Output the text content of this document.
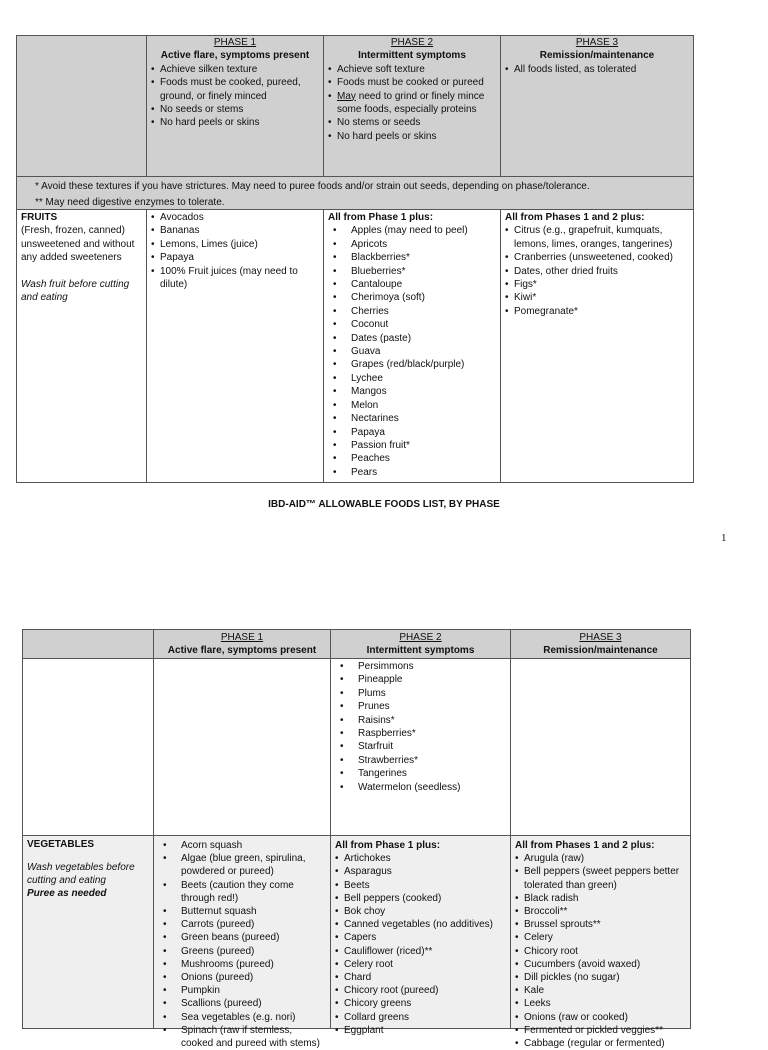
PHASE 1
Active flare, symptoms present
• Achieve silken texture
• Foods must be cooked, pureed, ground, or finely minced
• No seeds or stems
• No hard peels or skins
PHASE 2
Intermittent symptoms
• Achieve soft texture
• Foods must be cooked or pureed
• May need to grind or finely mince some foods, especially proteins
• No stems or seeds
• No hard peels or skins
PHASE 3
Remission/maintenance
• All foods listed, as tolerated
* Avoid these textures if you have strictures. May need to puree foods and/or strain out seeds, depending on phase/tolerance.
** May need digestive enzymes to tolerate.
FRUITS
(Fresh, frozen, canned) unsweetened and without any added sweeteners
Wash fruit before cutting and eating
• Avocados
• Bananas
• Lemons, Limes (juice)
• Papaya
• 100% Fruit juices (may need to dilute)
All from Phase 1 plus:
• Apples (may need to peel)
• Apricots
• Blackberries*
• Blueberries*
• Cantaloupe
• Cherimoya (soft)
• Cherries
• Coconut
• Dates (paste)
• Guava
• Grapes (red/black/purple)
• Lychee
• Mangos
• Melon
• Nectarines
• Papaya
• Passion fruit*
• Peaches
• Pears
All from Phases 1 and 2 plus:
• Citrus (e.g., grapefruit, kumquats, lemons, limes, oranges, tangerines)
• Cranberries (unsweetened, cooked)
• Dates, other dried fruits
• Figs*
• Kiwi*
• Pomegranate*
IBD-AID™ ALLOWABLE FOODS LIST, BY PHASE
1
PHASE 1
Active flare, symptoms present
PHASE 2
Intermittent symptoms
PHASE 3
Remission/maintenance
• Persimmons
• Pineapple
• Plums
• Prunes
• Raisins*
• Raspberries*
• Starfruit
• Strawberries*
• Tangerines
• Watermelon (seedless)
VEGETABLES
Wash vegetables before cutting and eating
Puree as needed
• Acorn squash
• Algae (blue green, spirulina, powdered or pureed)
• Beets (caution they come through red!)
• Butternut squash
• Carrots (pureed)
• Green beans (pureed)
• Greens (pureed)
• Mushrooms (pureed)
• Onions (pureed)
• Pumpkin
• Scallions (pureed)
• Sea vegetables (e.g. nori)
• Spinach (raw if stemless, cooked and pureed with stems)
All from Phase 1 plus:
• Artichokes
• Asparagus
• Beets
• Bell peppers (cooked)
• Bok choy
• Canned vegetables (no additives)
• Capers
• Cauliflower (riced)**
• Celery root
• Chard
• Chicory root (pureed)
• Chicory greens
• Collard greens
• Eggplant
All from Phases 1 and 2 plus:
• Arugula (raw)
• Bell peppers (sweet peppers better tolerated than green)
• Black radish
• Broccoli**
• Brussel sprouts**
• Celery
• Chicory root
• Cucumbers (avoid waxed)
• Dill pickles (no sugar)
• Kale
• Leeks
• Onions (raw or cooked)
• Fermented or pickled veggies**
• Cabbage (regular or fermented)
